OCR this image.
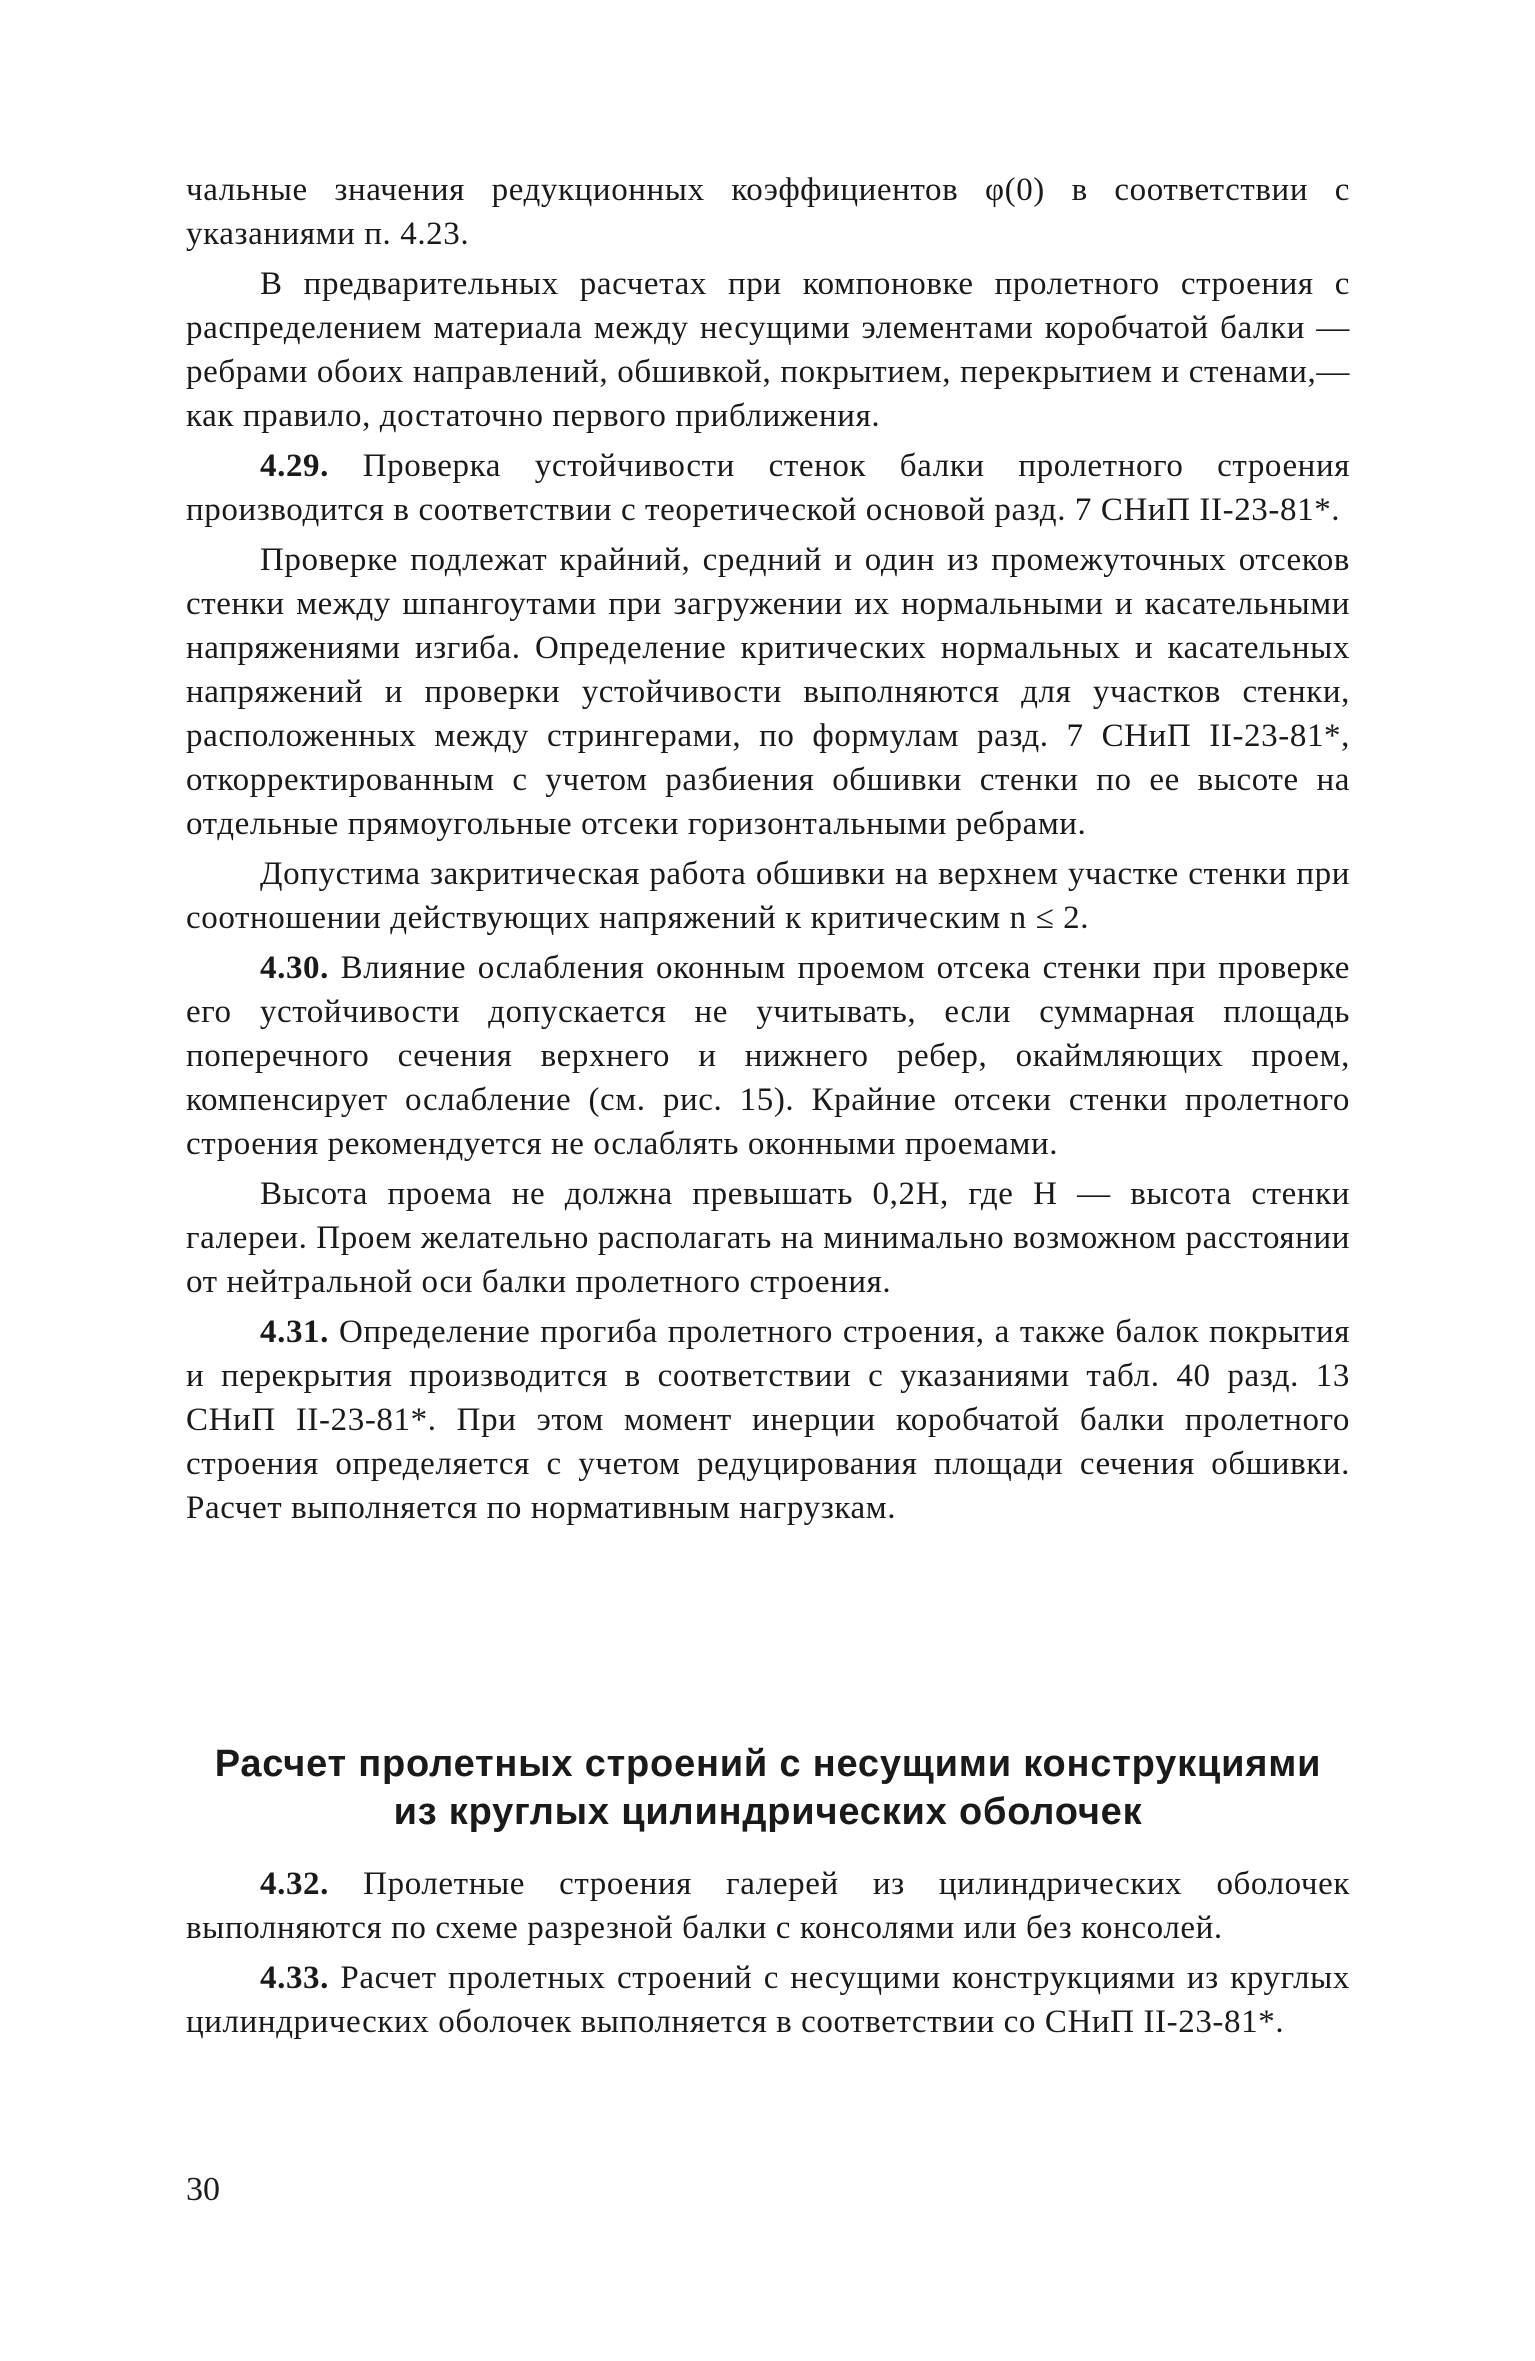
чальные значения редукционных коэффициентов φ(0) в соответствии с указаниями п. 4.23.

В предварительных расчетах при компоновке пролетного строения с распределением материала между несущими элементами коробчатой балки — ребрами обоих направлений, обшивкой, покрытием, перекрытием и стенами,— как правило, достаточно первого приближения.

4.29. Проверка устойчивости стенок балки пролетного строения производится в соответствии с теоретической основой разд. 7 СНиП II-23-81*.

Проверке подлежат крайний, средний и один из промежуточных отсеков стенки между шпангоутами при загружении их нормальными и касательными напряжениями изгиба. Определение критических нормальных и касательных напряжений и проверки устойчивости выполняются для участков стенки, расположенных между стрингерами, по формулам разд. 7 СНиП II-23-81*, откорректированным с учетом разбиения обшивки стенки по ее высоте на отдельные прямоугольные отсеки горизонтальными ребрами.

Допустима закритическая работа обшивки на верхнем участке стенки при соотношении действующих напряжений к критическим n ≤ 2.

4.30. Влияние ослабления оконным проемом отсека стенки при проверке его устойчивости допускается не учитывать, если суммарная площадь поперечного сечения верхнего и нижнего ребер, окаймляющих проем, компенсирует ослабление (см. рис. 15). Крайние отсеки стенки пролетного строения рекомендуется не ослаблять оконными проемами.

Высота проема не должна превышать 0,2H, где H — высота стенки галереи. Проем желательно располагать на минимально возможном расстоянии от нейтральной оси балки пролетного строения.

4.31. Определение прогиба пролетного строения, а также балок покрытия и перекрытия производится в соответствии с указаниями табл. 40 разд. 13 СНиП II-23-81*. При этом момент инерции коробчатой балки пролетного строения определяется с учетом редуцирования площади сечения обшивки. Расчет выполняется по нормативным нагрузкам.

Расчет пролетных строений с несущими конструкциями
из круглых цилиндрических оболочек

4.32. Пролетные строения галерей из цилиндрических оболочек выполняются по схеме разрезной балки с консолями или без консолей.

4.33. Расчет пролетных строений с несущими конструкциями из круглых цилиндрических оболочек выполняется в соответствии со СНиП II-23-81*.

30
